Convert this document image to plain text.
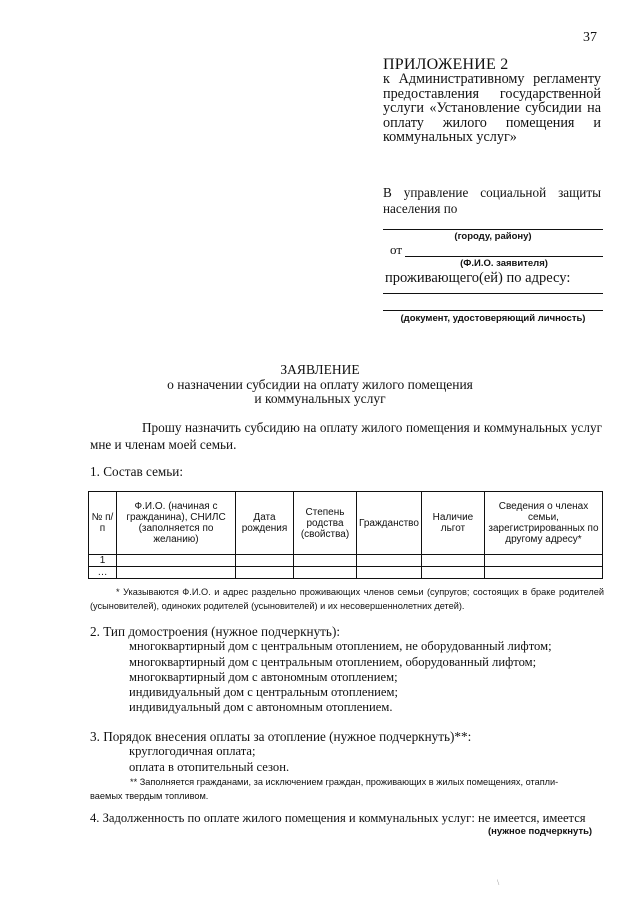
37
ПРИЛОЖЕНИЕ 2
к Административному регламенту предоставления государственной услуги «Установление субсидии на оплату жилого помещения и коммунальных услуг»
В управление социальной защиты населения по
(городу, району)
от
(Ф.И.О. заявителя)
проживающего(ей) по адресу:
(документ, удостоверяющий личность)
ЗАЯВЛЕНИЕ
о назначении субсидии на оплату жилого помещения
и коммунальных услуг
Прошу назначить субсидию на оплату жилого помещения и коммунальных услуг мне и членам моей семьи.
1. Состав семьи:
№ п/п	Ф.И.О. (начиная с гражданина), СНИЛС (заполняется по желанию)	Дата рождения	Степень родства (свойства)	Гражданство	Наличие льгот	Сведения о членах семьи, зарегистрированных по другому адресу*
1						
…						
* Указываются Ф.И.О. и адрес раздельно проживающих членов семьи (супругов; состоящих в браке родителей (усыновителей), одиноких родителей (усыновителей) и их несовершеннолетних детей).
2. Тип домостроения (нужное подчеркнуть):
многоквартирный дом с центральным отоплением, не оборудованный лифтом;
многоквартирный дом с центральным отоплением, оборудованный лифтом;
многоквартирный дом с автономным отоплением;
индивидуальный дом с центральным отоплением;
индивидуальный дом с автономным отоплением.
3. Порядок внесения оплаты за отопление (нужное подчеркнуть)**:
круглогодичная оплата;
оплата в отопительный сезон.
** Заполняется гражданами, за исключением граждан, проживающих в жилых помещениях, отапли-
ваемых твердым топливом.
4. Задолженность по оплате жилого помещения и коммунальных услуг: не имеется, имеется
(нужное подчеркнуть)
\
